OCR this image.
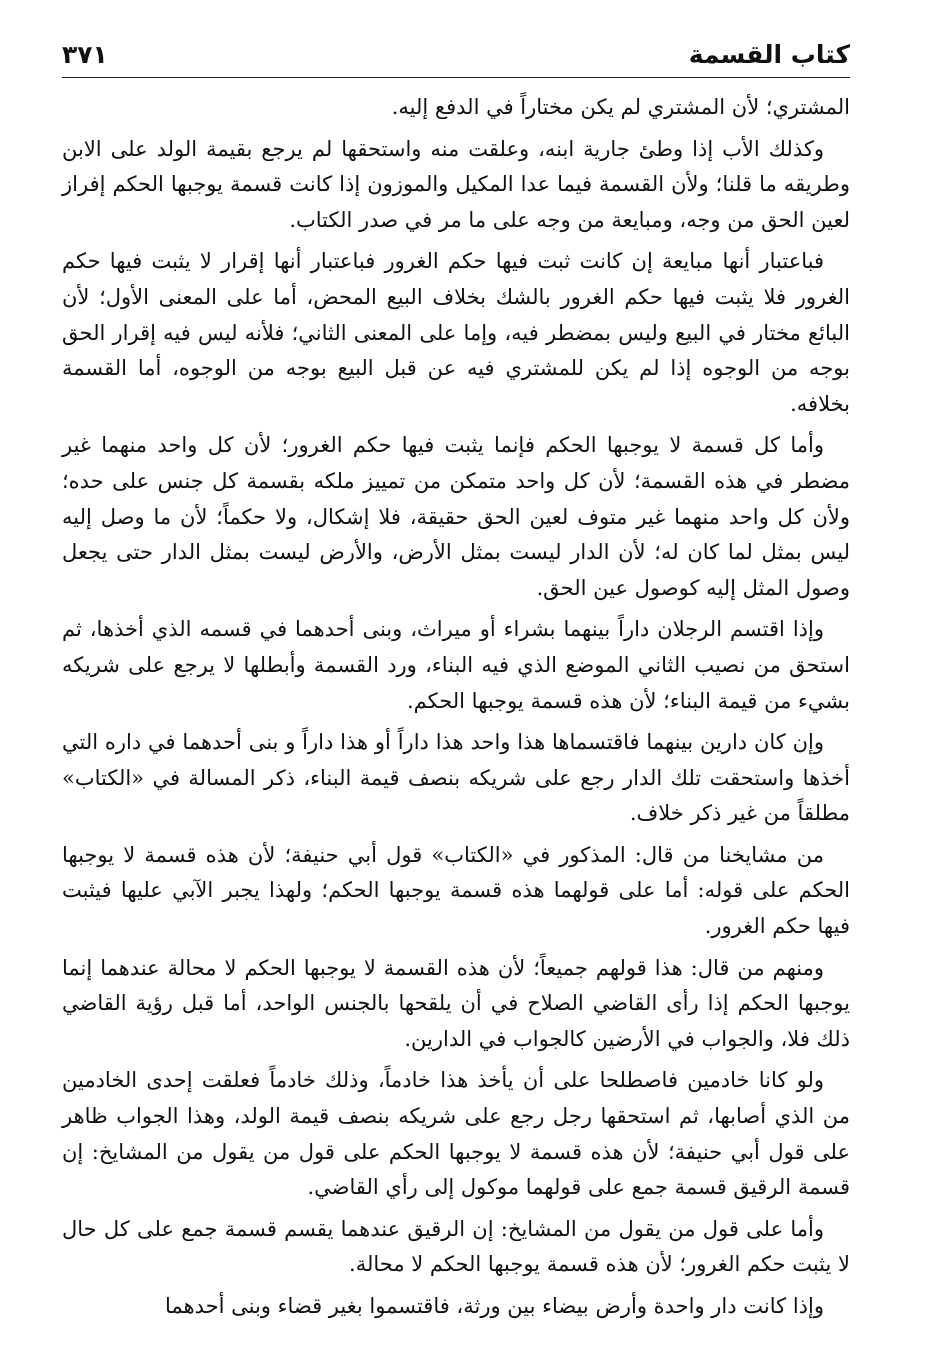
كتاب القسمة
٣٧١

المشتري؛ لأن المشتري لم يكن مختاراً في الدفع إليه.

وكذلك الأب إذا وطئ جارية ابنه، وعلقت منه واستحقها لم يرجع بقيمة الولد على الابن وطريقه ما قلنا؛ ولأن القسمة فيما عدا المكيل والموزون إذا كانت قسمة يوجبها الحكم إفراز لعين الحق من وجه، ومبايعة من وجه على ما مر في صدر الكتاب.

فباعتبار أنها مبايعة إن كانت ثبت فيها حكم الغرور فباعتبار أنها إقرار لا يثبت فيها حكم الغرور فلا يثبت فيها حكم الغرور بالشك بخلاف البيع المحض، أما على المعنى الأول؛ لأن البائع مختار في البيع وليس بمضطر فيه، وإما على المعنى الثاني؛ فلأنه ليس فيه إقرار الحق بوجه من الوجوه إذا لم يكن للمشتري فيه عن قبل البيع بوجه من الوجوه، أما القسمة بخلافه.

وأما كل قسمة لا يوجبها الحكم فإنما يثبت فيها حكم الغرور؛ لأن كل واحد منهما غير مضطر في هذه القسمة؛ لأن كل واحد متمكن من تمييز ملكه بقسمة كل جنس على حده؛ ولأن كل واحد منهما غير متوف لعين الحق حقيقة، فلا إشكال، ولا حكماً؛ لأن ما وصل إليه ليس بمثل لما كان له؛ لأن الدار ليست بمثل الأرض، والأرض ليست بمثل الدار حتى يجعل وصول المثل إليه كوصول عين الحق.

وإذا اقتسم الرجلان داراً بينهما بشراء أو ميراث، وبنى أحدهما في قسمه الذي أخذها، ثم استحق من نصيب الثاني الموضع الذي فيه البناء، ورد القسمة وأبطلها لا يرجع على شريكه بشيء من قيمة البناء؛ لأن هذه قسمة يوجبها الحكم.

وإن كان دارين بينهما فاقتسماها هذا واحد هذا داراً أو هذا داراً و بنى أحدهما في داره التي أخذها واستحقت تلك الدار رجع على شريكه بنصف قيمة البناء، ذكر المسالة في «الكتاب» مطلقاً من غير ذكر خلاف.

من مشايخنا من قال: المذكور في «الكتاب» قول أبي حنيفة؛ لأن هذه قسمة لا يوجبها الحكم على قوله: أما على قولهما هذه قسمة يوجبها الحكم؛ ولهذا يجبر الآبي عليها فيثبت فيها حكم الغرور.

ومنهم من قال: هذا قولهم جميعاً؛ لأن هذه القسمة لا يوجبها الحكم لا محالة عندهما إنما يوجبها الحكم إذا رأى القاضي الصلاح في أن يلقحها بالجنس الواحد، أما قبل رؤية القاضي ذلك فلا، والجواب في الأرضين كالجواب في الدارين.

ولو كانا خادمين فاصطلحا على أن يأخذ هذا خادماً، وذلك خادماً فعلقت إحدى الخادمين من الذي أصابها، ثم استحقها رجل رجع على شريكه بنصف قيمة الولد، وهذا الجواب ظاهر على قول أبي حنيفة؛ لأن هذه قسمة لا يوجبها الحكم على قول من يقول من المشايخ: إن قسمة الرقيق قسمة جمع على قولهما موكول إلى رأي القاضي.

وأما على قول من يقول من المشايخ: إن الرقيق عندهما يقسم قسمة جمع على كل حال لا يثبت حكم الغرور؛ لأن هذه قسمة يوجبها الحكم لا محالة.

وإذا كانت دار واحدة وأرض بيضاء بين ورثة، فاقتسموا بغير قضاء وبنى أحدهما
